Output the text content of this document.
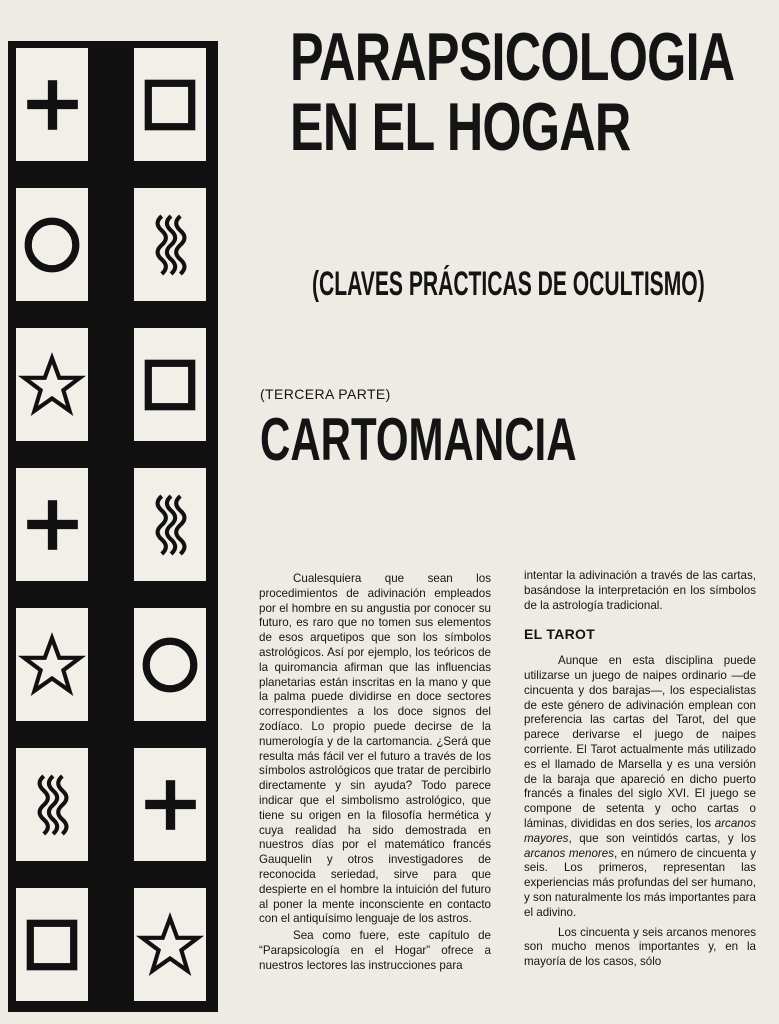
PARAPSICOLOGIA
EN EL HOGAR
(CLAVES PRÁCTICAS DE OCULTISMO)
(TERCERA PARTE)
CARTOMANCIA

Cualesquiera que sean los procedimientos de adivinación empleados por el hombre en su angustia por conocer su futuro, es raro que no tomen sus elementos de esos arquetipos que son los símbolos astrológicos. Así por ejemplo, los teóricos de la quiromancia afirman que las influencias planetarias están inscritas en la mano y que la palma puede dividirse en doce sectores correspondientes a los doce signos del zodíaco. Lo propio puede decirse de la numerología y de la cartomancia. ¿Será que resulta más fácil ver el futuro a través de los símbolos astrológicos que tratar de percibirlo directamente y sin ayuda? Todo parece indicar que el simbolismo astrológico, que tiene su origen en la filosofía hermética y cuya realidad ha sido demostrada en nuestros días por el matemático francés Gauquelin y otros investigadores de reconocida seriedad, sirve para que despierte en el hombre la intuición del futuro al poner la mente inconsciente en contacto con el antiquísimo lenguaje de los astros.

Sea como fuere, este capítulo de “Parapsicología en el Hogar” ofrece a nuestros lectores las instrucciones para

intentar la adivinación a través de las cartas, basándose la interpretación en los símbolos de la astrología tradicional.

EL TAROT

Aunque en esta disciplina puede utilizarse un juego de naipes ordinario —de cincuenta y dos barajas—, los especialistas de este género de adivinación emplean con preferencia las cartas del Tarot, del que parece derivarse el juego de naipes corriente. El Tarot actualmente más utilizado es el llamado de Marsella y es una versión de la baraja que apareció en dicho puerto francés a finales del siglo XVI. El juego se compone de setenta y ocho cartas o láminas, divididas en dos series, los arcanos mayores, que son veintidós cartas, y los arcanos menores, en número de cincuenta y seis. Los primeros, representan las experiencias más profundas del ser humano, y son naturalmente los más importantes para el adivino.

Los cincuenta y seis arcanos menores son mucho menos importantes y, en la mayoría de los casos, sólo
